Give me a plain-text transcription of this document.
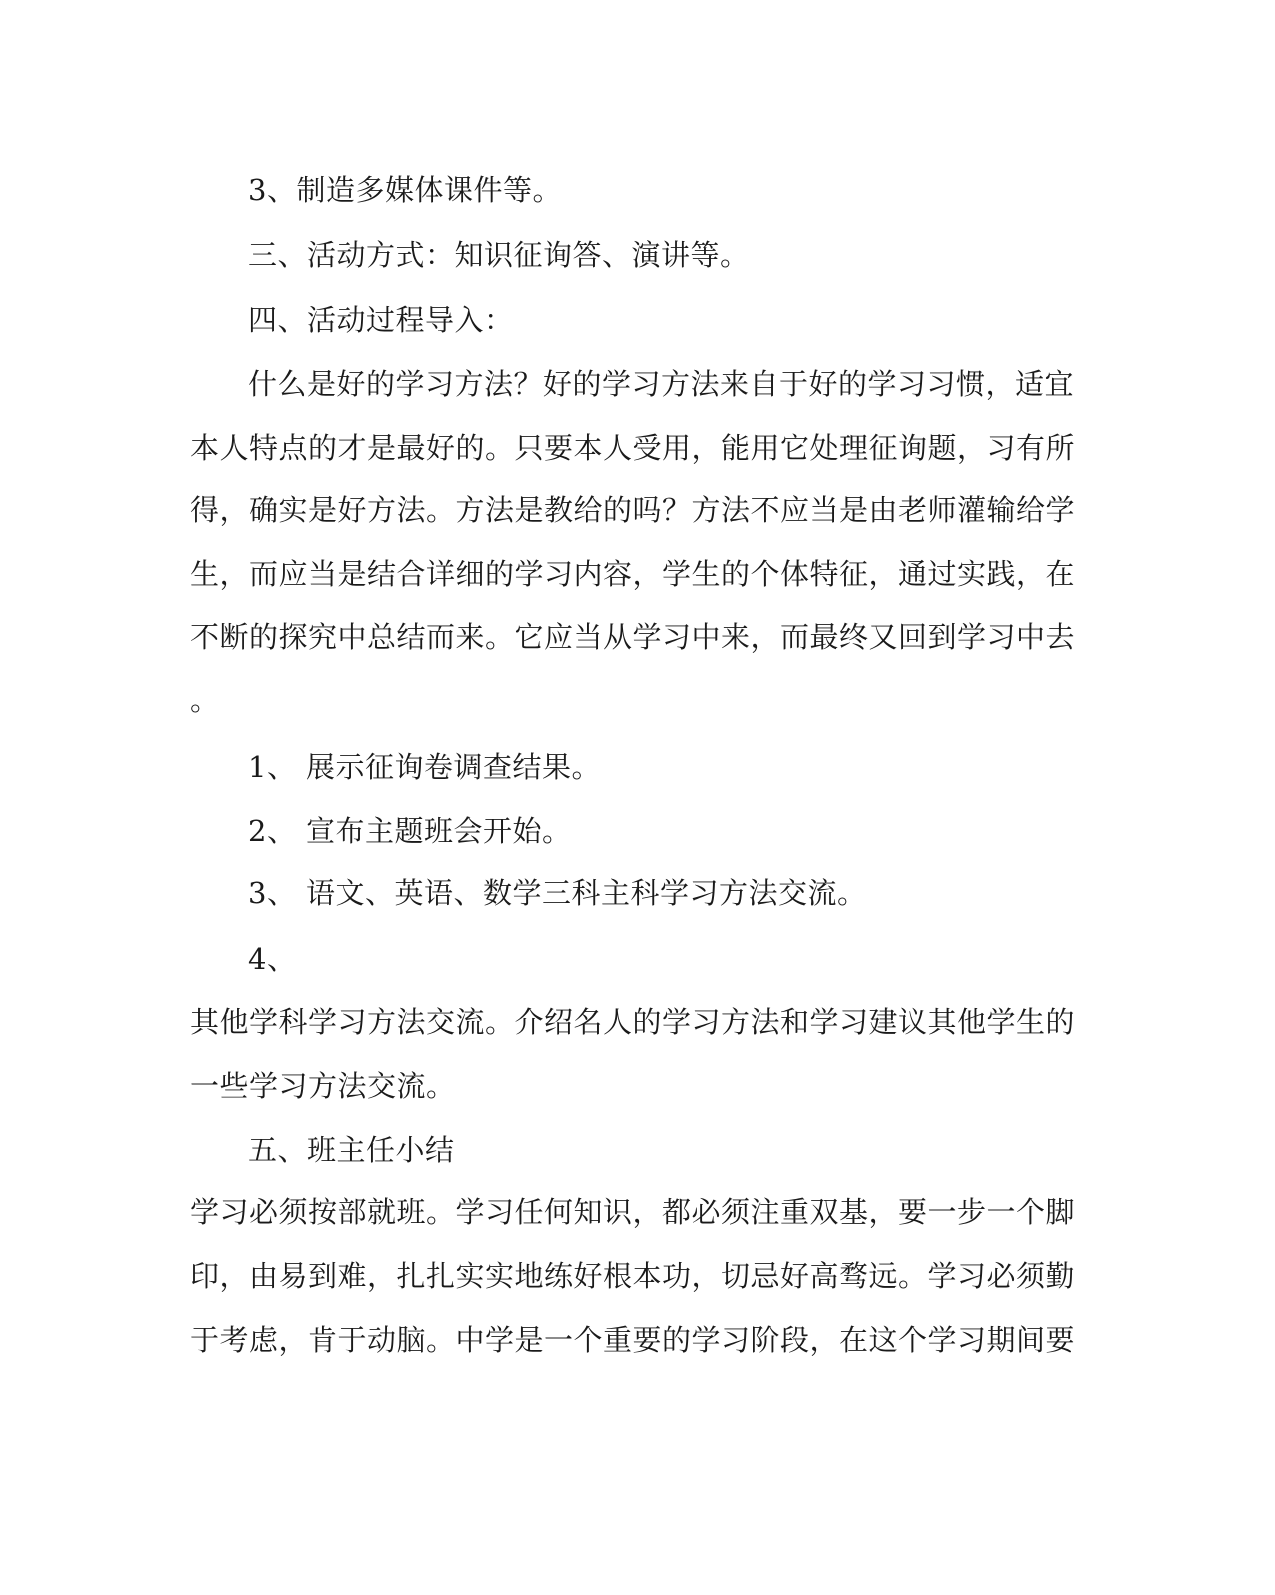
3、制造多媒体课件等。
三、活动方式：知识征询答、演讲等。
四、活动过程导入：
什么是好的学习方法？好的学习方法来自于好的学习习惯，适宜
本人特点的才是最好的。只要本人受用，能用它处理征询题，习有所
得，确实是好方法。方法是教给的吗？方法不应当是由老师灌输给学
生，而应当是结合详细的学习内容，学生的个体特征，通过实践，在
不断的探究中总结而来。它应当从学习中来，而最终又回到学习中去
。
1、 展示征询卷调查结果。
2、 宣布主题班会开始。
3、 语文、英语、数学三科主科学习方法交流。
4、
其他学科学习方法交流。介绍名人的学习方法和学习建议其他学生的
一些学习方法交流。
五、班主任小结
学习必须按部就班。学习任何知识，都必须注重双基，要一步一个脚
印，由易到难，扎扎实实地练好根本功，切忌好高骛远。学习必须勤
于考虑，肯于动脑。中学是一个重要的学习阶段，在这个学习期间要
